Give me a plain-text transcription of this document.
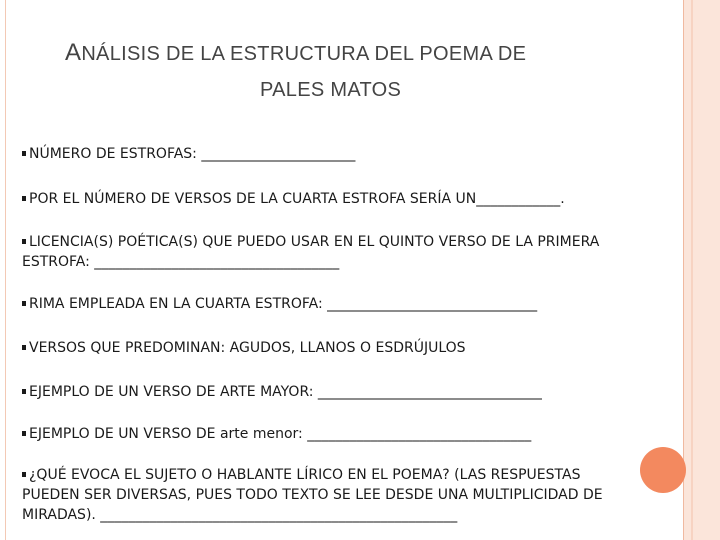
ANÁLISIS DE LA ESTRUCTURA DEL POEMA DE
PALES MATOS
NÚMERO DE ESTROFAS: ______________________
POR EL NÚMERO DE VERSOS DE LA CUARTA ESTROFA SERÍA UN____________.
LICENCIA(S) POÉTICA(S) QUE PUEDO USAR EN EL QUINTO VERSO DE LA PRIMERA ESTROFA: ___________________________________
RIMA EMPLEADA EN LA CUARTA ESTROFA: ______________________________
VERSOS QUE PREDOMINAN: AGUDOS, LLANOS O ESDRÚJULOS
EJEMPLO DE UN VERSO DE ARTE MAYOR: ________________________________
EJEMPLO DE UN VERSO DE arte menor: ________________________________
¿QUÉ EVOCA EL SUJETO O HABLANTE LÍRICO EN EL POEMA? (LAS RESPUESTAS PUEDEN SER DIVERSAS, PUES TODO TEXTO SE LEE DESDE UNA MULTIPLICIDAD DE MIRADAS). ___________________________________________________
